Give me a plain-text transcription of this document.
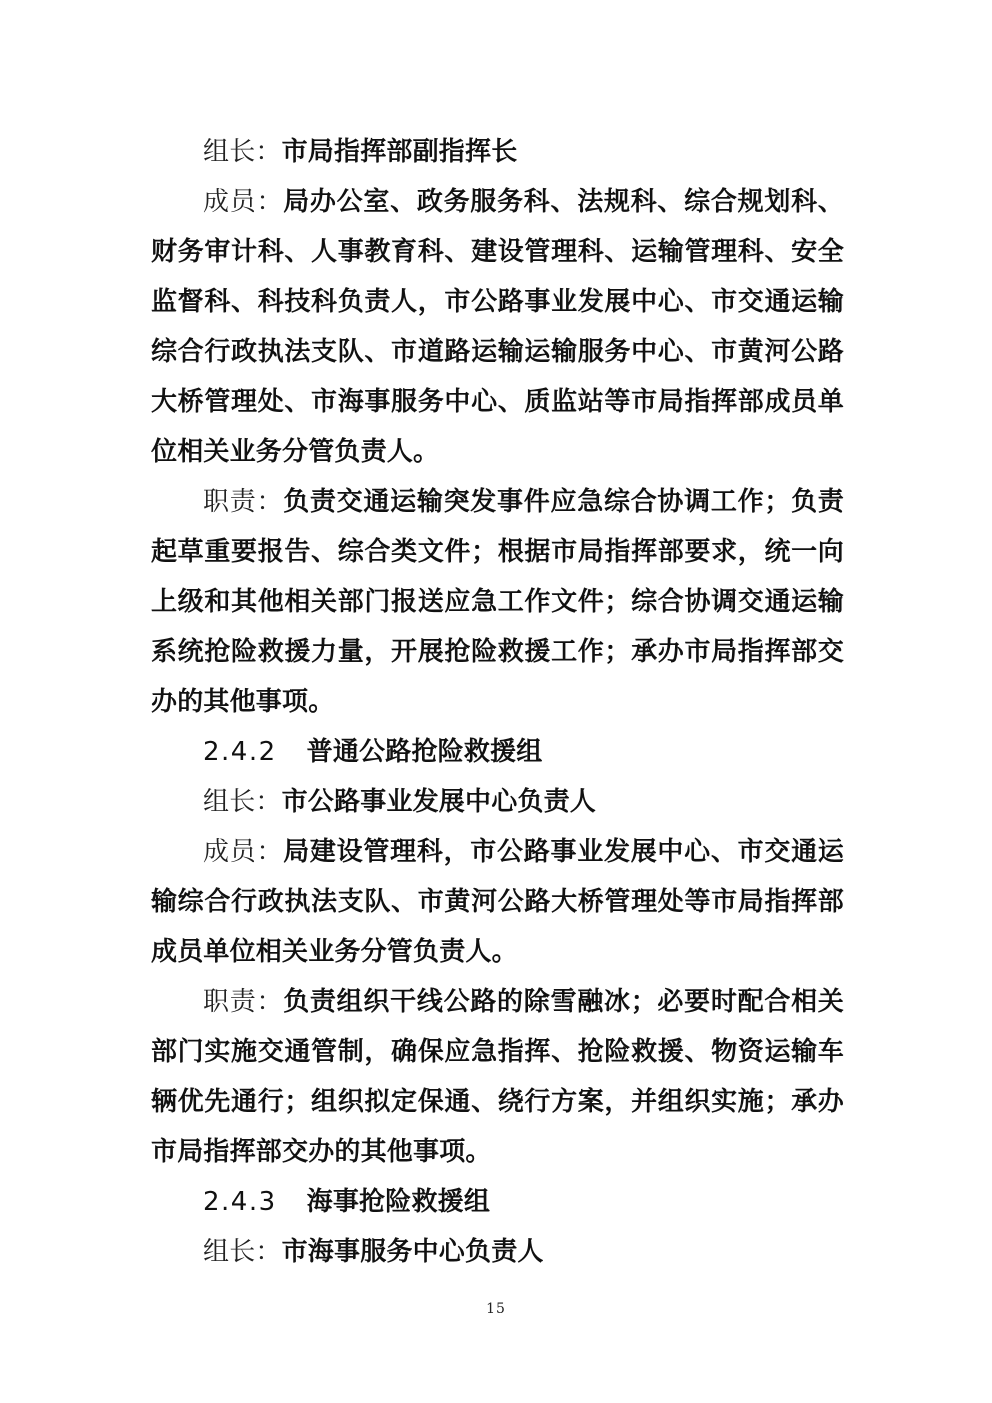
组长：市局指挥部副指挥长

成员：局办公室、政务服务科、法规科、综合规划科、财务审计科、人事教育科、建设管理科、运输管理科、安全监督科、科技科负责人，市公路事业发展中心、市交通运输综合行政执法支队、市道路运输运输服务中心、市黄河公路大桥管理处、市海事服务中心、质监站等市局指挥部成员单位相关业务分管负责人。

职责：负责交通运输突发事件应急综合协调工作；负责起草重要报告、综合类文件；根据市局指挥部要求，统一向上级和其他相关部门报送应急工作文件；综合协调交通运输系统抢险救援力量，开展抢险救援工作；承办市局指挥部交办的其他事项。

2.4.2 普通公路抢险救援组

组长：市公路事业发展中心负责人

成员：局建设管理科，市公路事业发展中心、市交通运输综合行政执法支队、市黄河公路大桥管理处等市局指挥部成员单位相关业务分管负责人。

职责：负责组织干线公路的除雪融冰；必要时配合相关部门实施交通管制，确保应急指挥、抢险救援、物资运输车辆优先通行；组织拟定保通、绕行方案，并组织实施；承办市局指挥部交办的其他事项。

2.4.3 海事抢险救援组

组长：市海事服务中心负责人

15
